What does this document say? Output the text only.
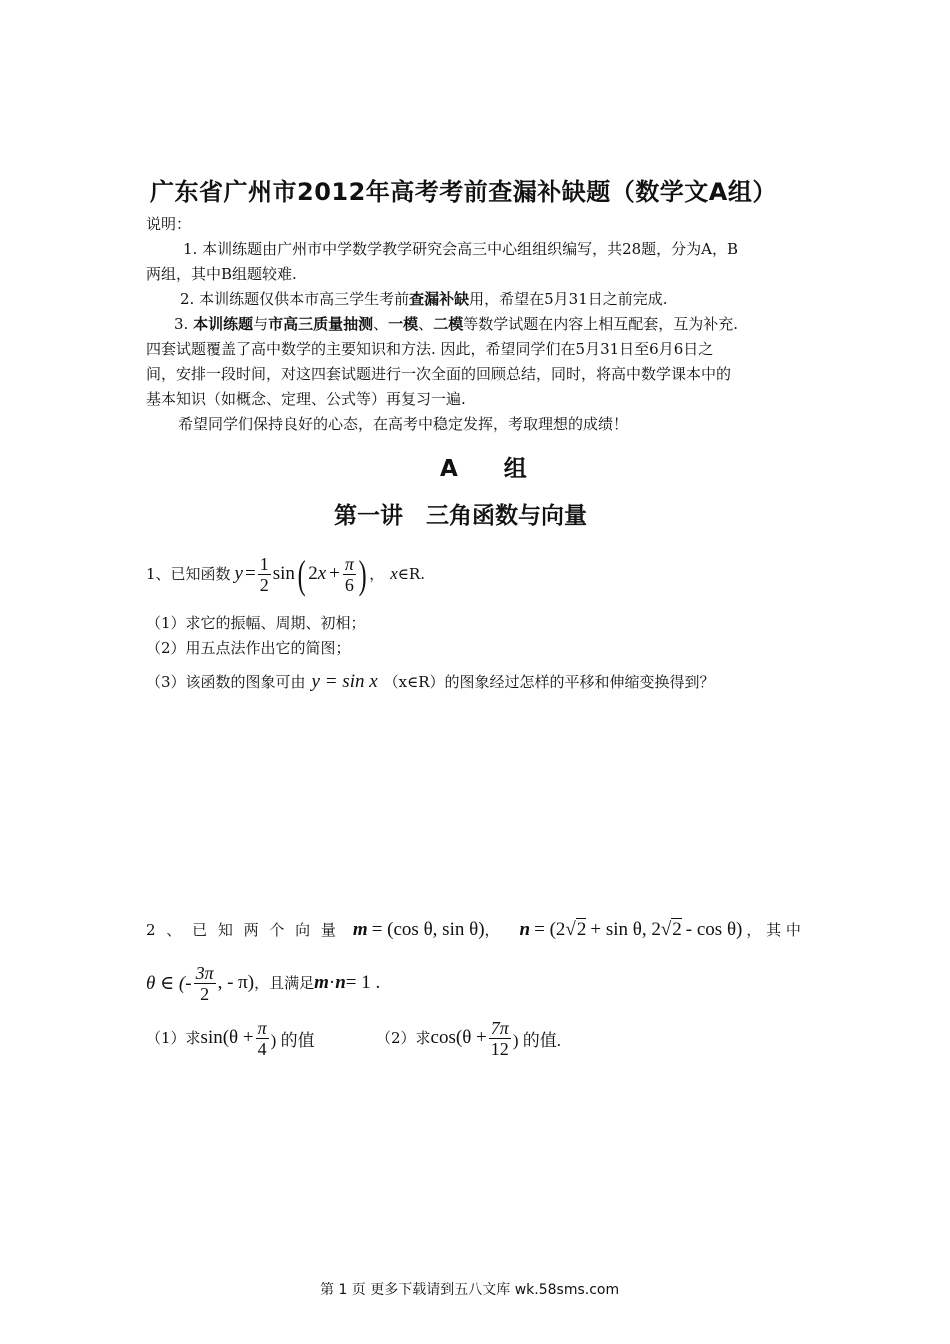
广东省广州市2012年高考考前查漏补缺题（数学文A组）
说明：
1. 本训练题由广州市中学数学教学研究会高三中心组组织编写，共28题，分为A，B
两组，其中B组题较难.
2. 本训练题仅供本市高三学生考前查漏补缺用，希望在5月31日之前完成.
3. 本训练题与市高三质量抽测、一模、二模等数学试题在内容上相互配套，互为补充.
四套试题覆盖了高中数学的主要知识和方法. 因此，希望同学们在5月31日至6月6日之
间，安排一段时间，对这四套试题进行一次全面的回顾总结，同时，将高中数学课本中的
基本知识（如概念、定理、公式等）再复习一遍.
希望同学们保持良好的心态，在高考中稳定发挥，考取理想的成绩！
A　　组
第一讲　三角函数与向量
1、已知函数 $y = \frac{1}{2}$ sin ( 2 $x + \frac{\pi}{6}$ ) ， x ∈R.
（1）求它的振幅、周期、初相；
（2）用五点法作出它的简图；
（3）该函数的图象可由 y = sin x （x∈R）的图象经过怎样的平移和伸缩变换得到？
2 、 已 知 两 个 向 量 m = (cos θ, sin θ) ， n = (2 √ 2 + sin θ, 2 √ 2 - cos θ) ， 其 中
θ ∈ (- $\frac{3\pi}{2}$ , - π) ，且满足 m · n = 1 .
（1）求 $\sin(\theta + \frac{\pi}{4}$ ) 的值	（2）求 $\cos(\theta + \frac{7\pi}{12}$ ) 的值.
第 1 页 更多下载请到五八文库 wk.58sms.com
